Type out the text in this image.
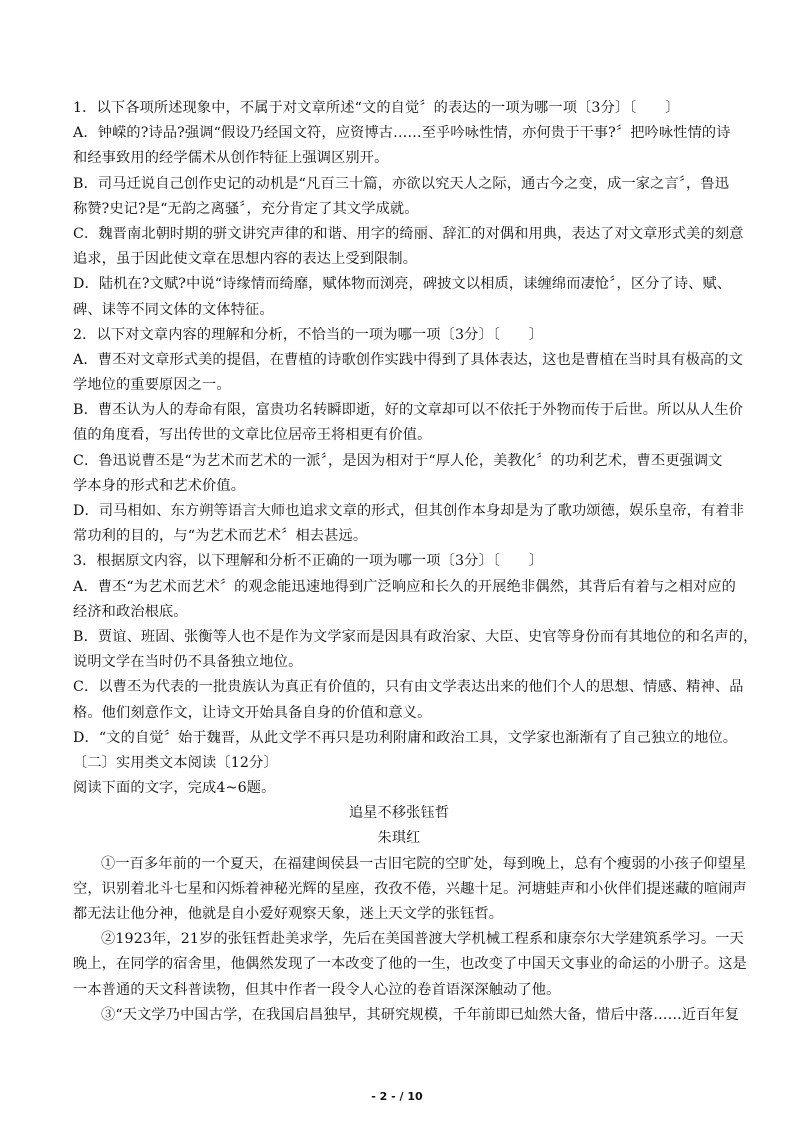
1．以下各项所述现象中，不属于对文章所述“文的自觉〞的表达的一项为哪一项〔3分〕〔　　〕
A．钟嵘的?诗品?强调“假设乃经国文符，应资博古……至乎吟咏性情，亦何贵于干事?〞把吟咏性情的诗
和经事致用的经学儒术从创作特征上强调区别开。
B．司马迁说自己创作史记的动机是“凡百三十篇，亦欲以究天人之际，通古今之变，成一家之言〞，鲁迅
称赞?史记?是“无韵之离骚〞，充分肯定了其文学成就。
C．魏晋南北朝时期的骈文讲究声律的和谐、用字的绮丽、辞汇的对偶和用典，表达了对文章形式美的刻意
追求，虽于因此使文章在思想内容的表达上受到限制。
D．陆机在?文赋?中说“诗缘情而绮靡，赋体物而浏亮，碑披文以相质，诔缠绵而凄怆〞，区分了诗、赋、
碑、诔等不同文体的文体特征。
2．以下对文章内容的理解和分析，不恰当的一项为哪一项〔3分〕〔　　〕
A．曹丕对文章形式美的提倡，在曹植的诗歌创作实践中得到了具体表达，这也是曹植在当时具有极高的文
学地位的重要原因之一。
B．曹丕认为人的寿命有限，富贵功名转瞬即逝，好的文章却可以不依托于外物而传于后世。所以从人生价
值的角度看，写出传世的文章比位居帝王将相更有价值。
C．鲁迅说曹丕是“为艺术而艺术的一派〞，是因为相对于“厚人伦，美教化〞的功利艺术，曹丕更强调文
学本身的形式和艺术价值。
D．司马相如、东方朔等语言大师也追求文章的形式，但其创作本身却是为了歌功颂德，娱乐皇帝，有着非
常功利的目的，与“为艺术而艺术〞相去甚远。
3．根据原文内容，以下理解和分析不正确的一项为哪一项〔3分〕〔　　〕
A．曹丕“为艺术而艺术〞的观念能迅速地得到广泛响应和长久的开展绝非偶然，其背后有着与之相对应的
经济和政治根底。
B．贾谊、班固、张衡等人也不是作为文学家而是因具有政治家、大臣、史官等身份而有其地位的和名声的，
说明文学在当时仍不具备独立地位。
C．以曹丕为代表的一批贵族认为真正有价值的，只有由文学表达出来的他们个人的思想、情感、精神、品
格。他们刻意作文，让诗文开始具备自身的价值和意义。
D．“文的自觉〞始于魏晋，从此文学不再只是功利附庸和政治工具，文学家也渐渐有了自己独立的地位。
〔二〕实用类文本阅读〔12分〕
阅读下面的文字，完成4~6题。
追星不移张钰哲
朱琪红
①一百多年前的一个夏天，在福建闽侯县一古旧宅院的空旷处，每到晚上，总有个瘦弱的小孩子仰望星
空，识别着北斗七星和闪烁着神秘光辉的星座，孜孜不倦，兴趣十足。河塘蛙声和小伙伴们提迷藏的喧闹声
都无法让他分神，他就是自小爱好观察天象，迷上天文学的张钰哲。
②1923年，21岁的张钰哲赴美求学，先后在美国普渡大学机械工程系和康奈尔大学建筑系学习。一天
晚上，在同学的宿舍里，他偶然发现了一本改变了他的一生，也改变了中国天文事业的命运的小册子。这是
一本普通的天文科普读物，但其中作者一段令人心泣的卷首语深深触动了他。
③“天文学乃中国古学，在我国启昌独早，其研究规模，千年前即已灿然大备，惜后中落……近百年复
- 2 - / 10
